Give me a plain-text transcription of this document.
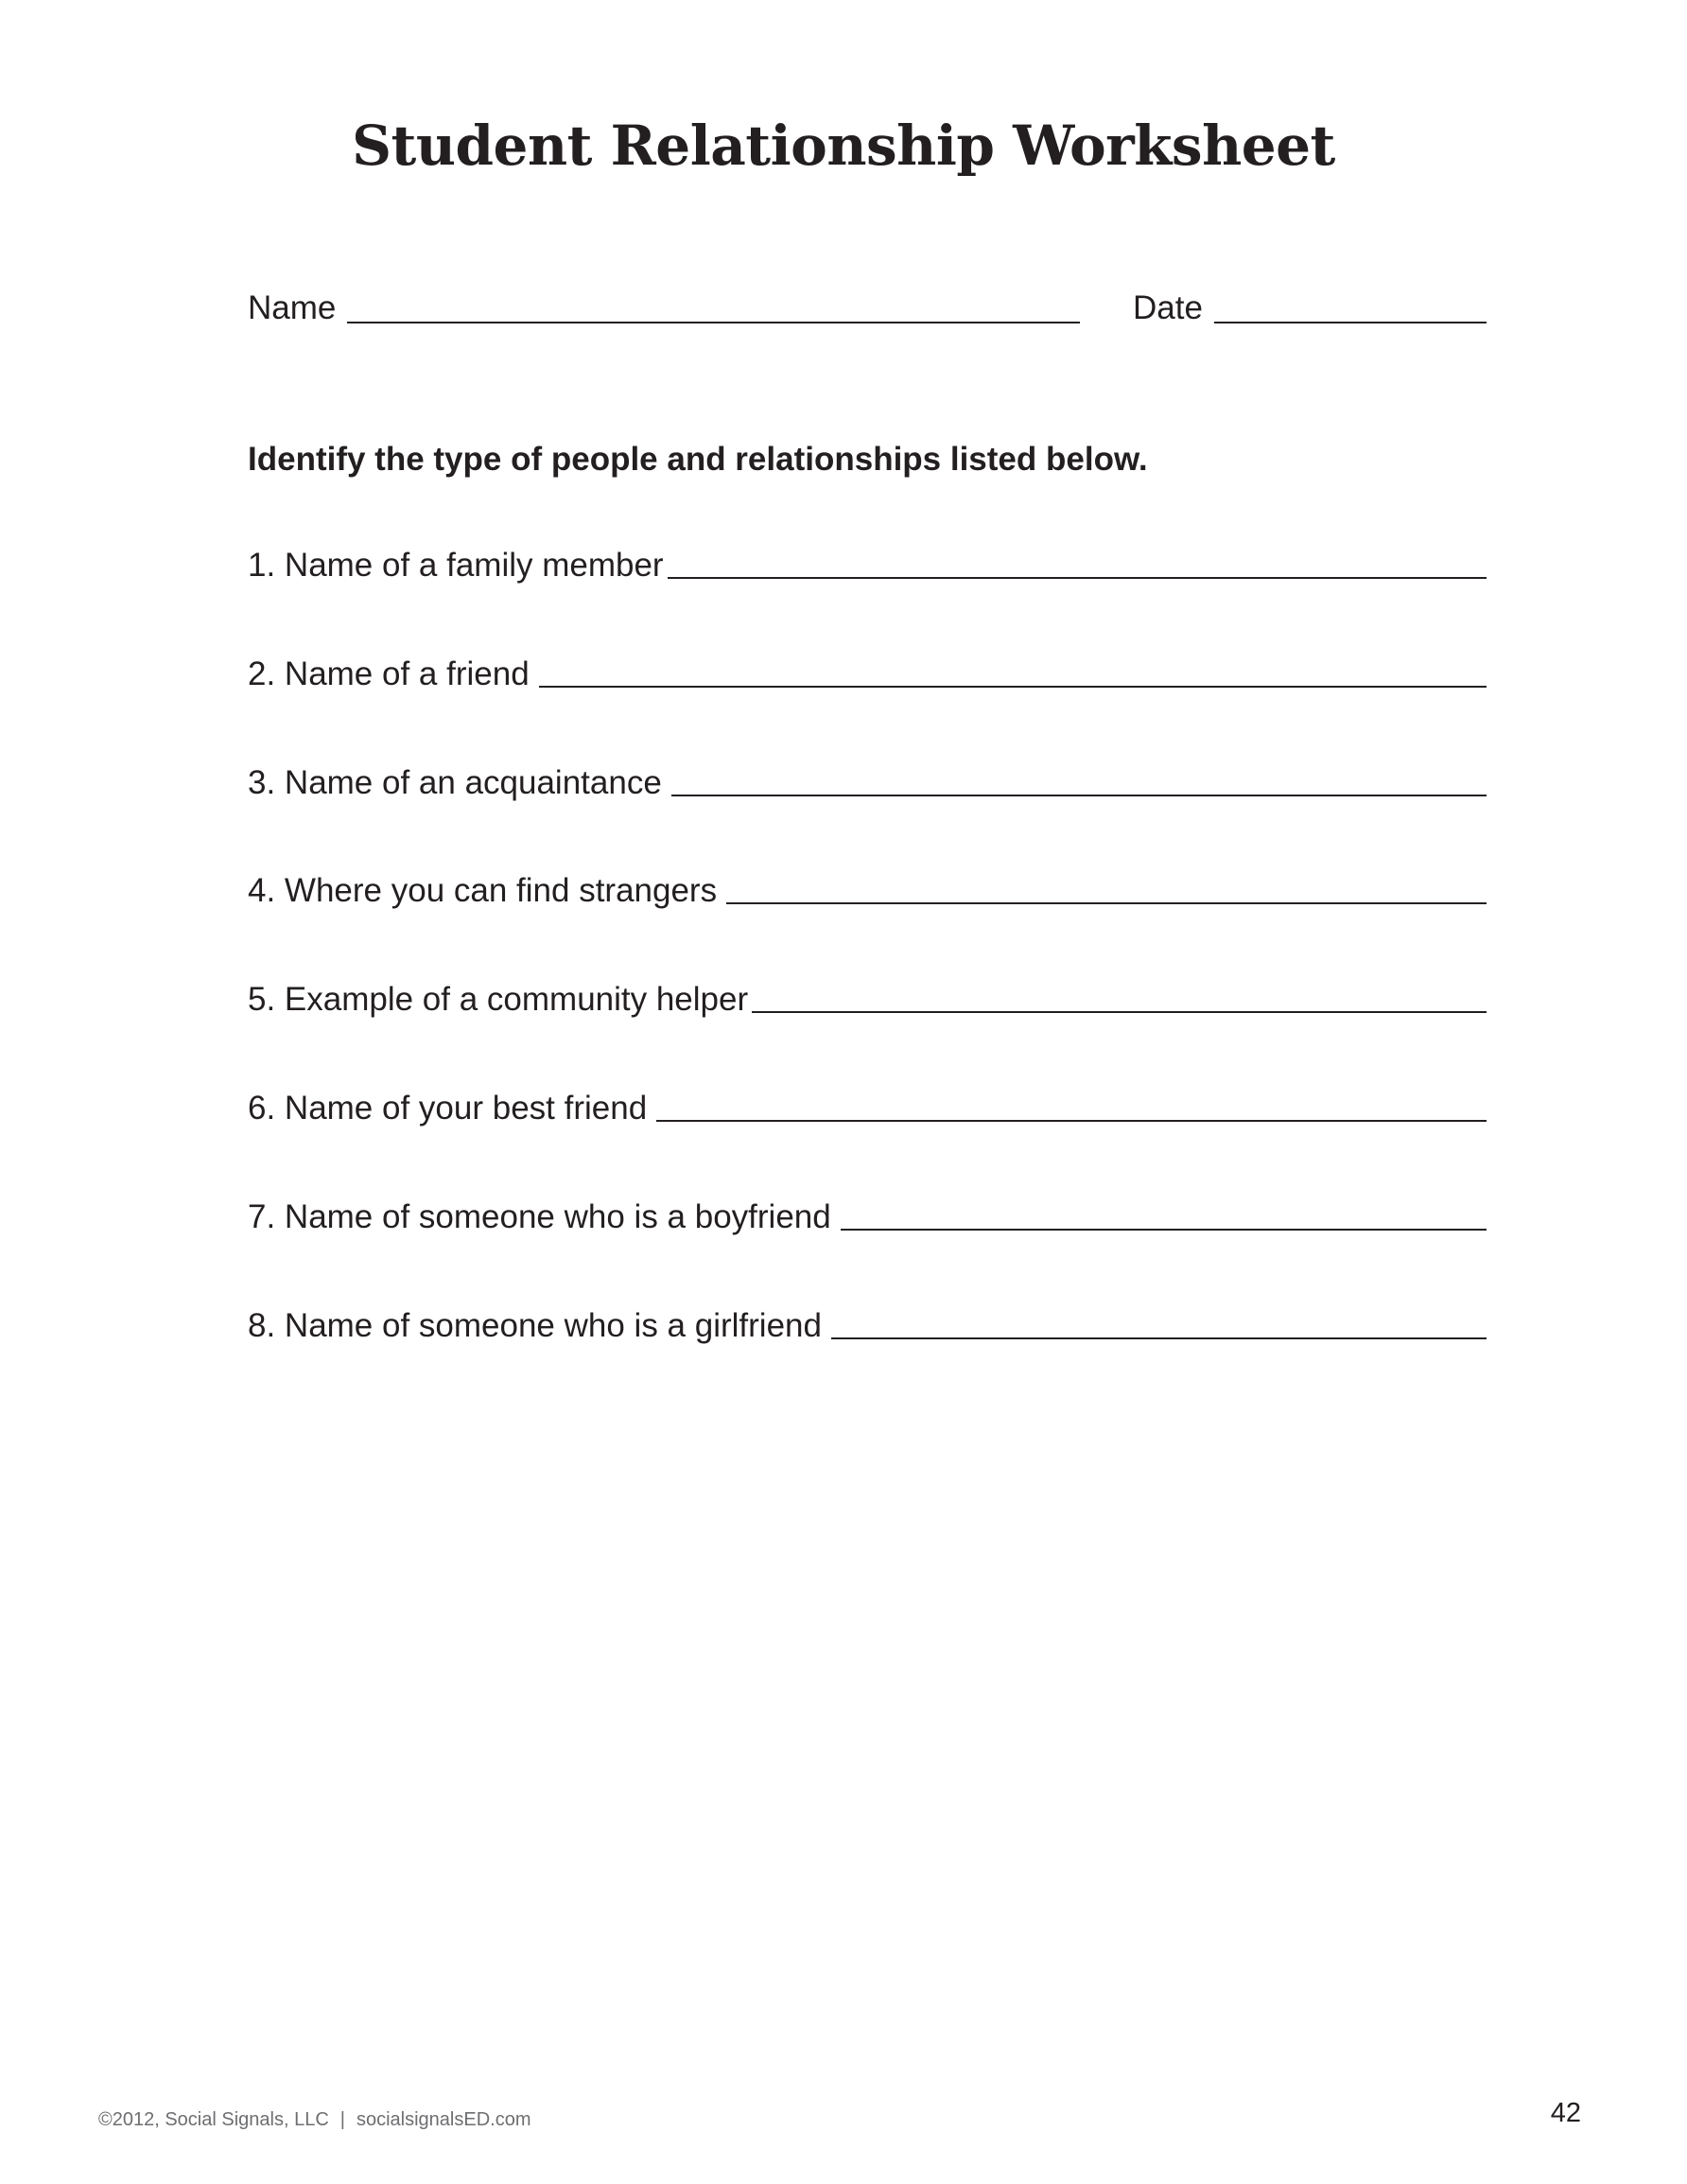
Student Relationship Worksheet
Name	Date
Identify the type of people and relationships listed below.
1. Name of a family member
2. Name of a friend
3. Name of an acquaintance
4. Where you can find strangers
5. Example of a community helper
6. Name of your best friend
7. Name of someone who is a boyfriend
8. Name of someone who is a girlfriend
©2012, Social Signals, LLC | socialsignalsED.com	42
